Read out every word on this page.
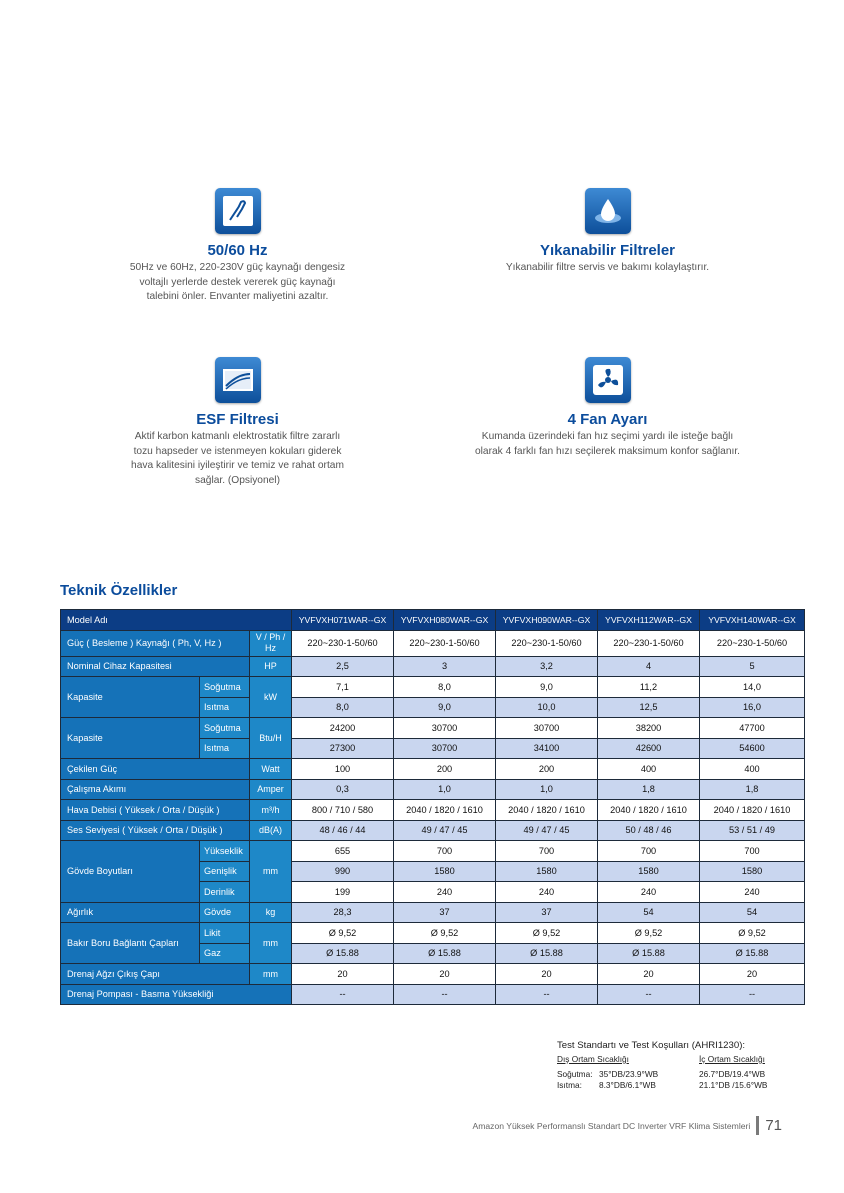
50/60 Hz
50Hz ve 60Hz, 220-230V güç kaynağı dengesiz
voltajlı yerlerde destek vererek güç kaynağı
talebini önler. Envanter maliyetini azaltır.
Yıkanabilir Filtreler
Yıkanabilir filtre servis ve bakımı kolaylaştırır.
ESF Filtresi
Aktif karbon katmanlı elektrostatik filtre zararlı
tozu hapseder ve istenmeyen kokuları giderek
hava kalitesini iyileştirir ve temiz ve rahat ortam
sağlar. (Opsiyonel)
4 Fan Ayarı
Kumanda üzerindeki fan hız seçimi yardı ile isteğe bağlı
olarak 4 farklı fan hızı seçilerek maksimum konfor sağlanır.
Teknik Özellikler
Model Adı			YVFVXH071WAR--GX	YVFVXH080WAR--GX	YVFVXH090WAR--GX	YVFVXH112WAR--GX	YVFVXH140WAR--GX
Güç ( Besleme ) Kaynağı ( Ph, V, Hz )		V / Ph / Hz	220~230-1-50/60	220~230-1-50/60	220~230-1-50/60	220~230-1-50/60	220~230-1-50/60
Nominal Cihaz Kapasitesi		HP	2,5	3	3,2	4	5
Kapasite	Soğutma	kW	7,1	8,0	9,0	11,2	14,0
	Isıtma		8,0	9,0	10,0	12,5	16,0
Kapasite	Soğutma	Btu/H	24200	30700	30700	38200	47700
	Isıtma		27300	30700	34100	42600	54600
Çekilen Güç		Watt	100	200	200	400	400
Çalışma Akımı		Amper	0,3	1,0	1,0	1,8	1,8
Hava Debisi ( Yüksek / Orta / Düşük )		m³/h	800 / 710 / 580	2040 / 1820 / 1610	2040 / 1820 / 1610	2040 / 1820 / 1610	2040 / 1820 / 1610
Ses Seviyesi ( Yüksek / Orta / Düşük )		dB(A)	48 / 46 / 44	49 / 47 / 45	49 / 47 / 45	50 / 48 / 46	53 / 51 / 49
Gövde Boyutları	Yükseklik	mm	655	700	700	700	700
	Genişlik		990	1580	1580	1580	1580
	Derinlik		199	240	240	240	240
Ağırlık	Gövde	kg	28,3	37	37	54	54
Bakır Boru Bağlantı Çapları	Likit	mm	Ø 9,52	Ø 9,52	Ø 9,52	Ø 9,52	Ø 9,52
	Gaz		Ø 15.88	Ø 15.88	Ø 15.88	Ø 15.88	Ø 15.88
Drenaj Ağzı Çıkış Çapı		mm	20	20	20	20	20
Drenaj Pompası - Basma Yüksekliği			--	--	--	--	--
Test Standartı ve Test Koşulları (AHRI1230):
Dış Ortam Sıcaklığı	İç Ortam Sıcaklığı
Soğutma: 35°DB/23.9°WB	26.7°DB/19.4°WB
Isıtma: 8.3°DB/6.1°WB	21.1°DB /15.6°WB
Amazon Yüksek Performanslı Standart DC Inverter VRF Klima Sistemleri 71
